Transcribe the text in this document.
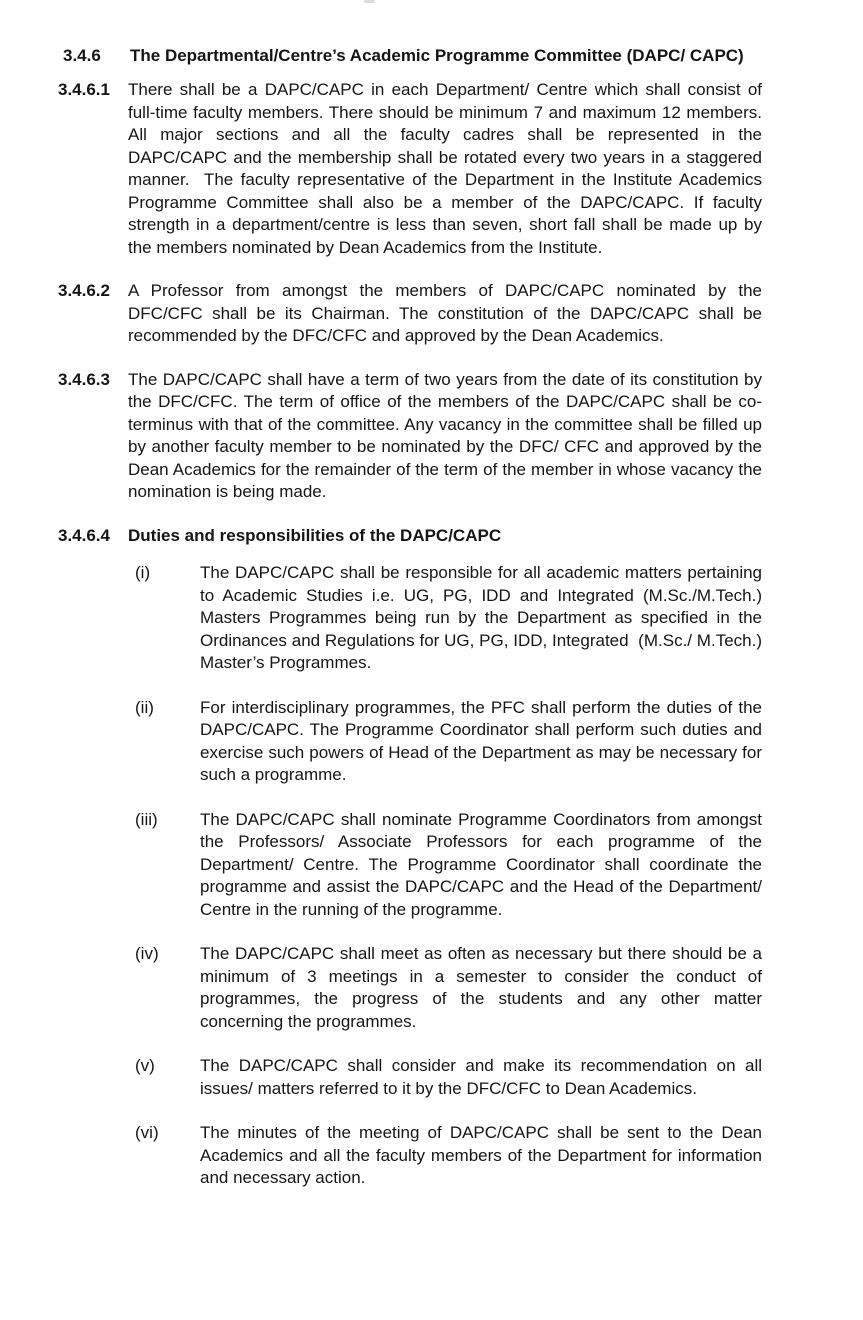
3.4.6	The Departmental/Centre’s Academic Programme Committee (DAPC/ CAPC)
3.4.6.1 There shall be a DAPC/CAPC in each Department/ Centre which shall consist of full-time faculty members. There should be minimum 7 and maximum 12 members. All major sections and all the faculty cadres shall be represented in the DAPC/CAPC and the membership shall be rotated every two years in a staggered manner.  The faculty representative of the Department in the Institute Academics Programme Committee shall also be a member of the DAPC/CAPC. If faculty strength in a department/centre is less than seven, short fall shall be made up by the members nominated by Dean Academics from the Institute.
3.4.6.2 A Professor from amongst the members of DAPC/CAPC nominated by the DFC/CFC shall be its Chairman. The constitution of the DAPC/CAPC shall be recommended by the DFC/CFC and approved by the Dean Academics.
3.4.6.3 The DAPC/CAPC shall have a term of two years from the date of its constitution by the DFC/CFC. The term of office of the members of the DAPC/CAPC shall be co-terminus with that of the committee. Any vacancy in the committee shall be filled up by another faculty member to be nominated by the DFC/ CFC and approved by the Dean Academics for the remainder of the term of the member in whose vacancy the nomination is being made.
3.4.6.4 Duties and responsibilities of the DAPC/CAPC
(i)	The DAPC/CAPC shall be responsible for all academic matters pertaining to Academic Studies i.e. UG, PG, IDD and Integrated (M.Sc./M.Tech.) Masters Programmes being run by the Department as specified in the Ordinances and Regulations for UG, PG, IDD, Integrated  (M.Sc./ M.Tech.) Master’s Programmes.
(ii)	For interdisciplinary programmes, the PFC shall perform the duties of the DAPC/CAPC. The Programme Coordinator shall perform such duties and exercise such powers of Head of the Department as may be necessary for such a programme.
(iii) The DAPC/CAPC shall nominate Programme Coordinators from amongst the Professors/ Associate Professors for each programme of the Department/ Centre. The Programme Coordinator shall coordinate the programme and assist the DAPC/CAPC and the Head of the Department/ Centre in the running of the programme.
(iv) The DAPC/CAPC shall meet as often as necessary but there should be a minimum of 3 meetings in a semester to consider the conduct of programmes, the progress of the students and any other matter concerning the programmes.
(v)	The DAPC/CAPC shall consider and make its recommendation on all issues/ matters referred to it by the DFC/CFC to Dean Academics.
(vi) The minutes of the meeting of DAPC/CAPC shall be sent to the Dean Academics and all the faculty members of the Department for information and necessary action.
